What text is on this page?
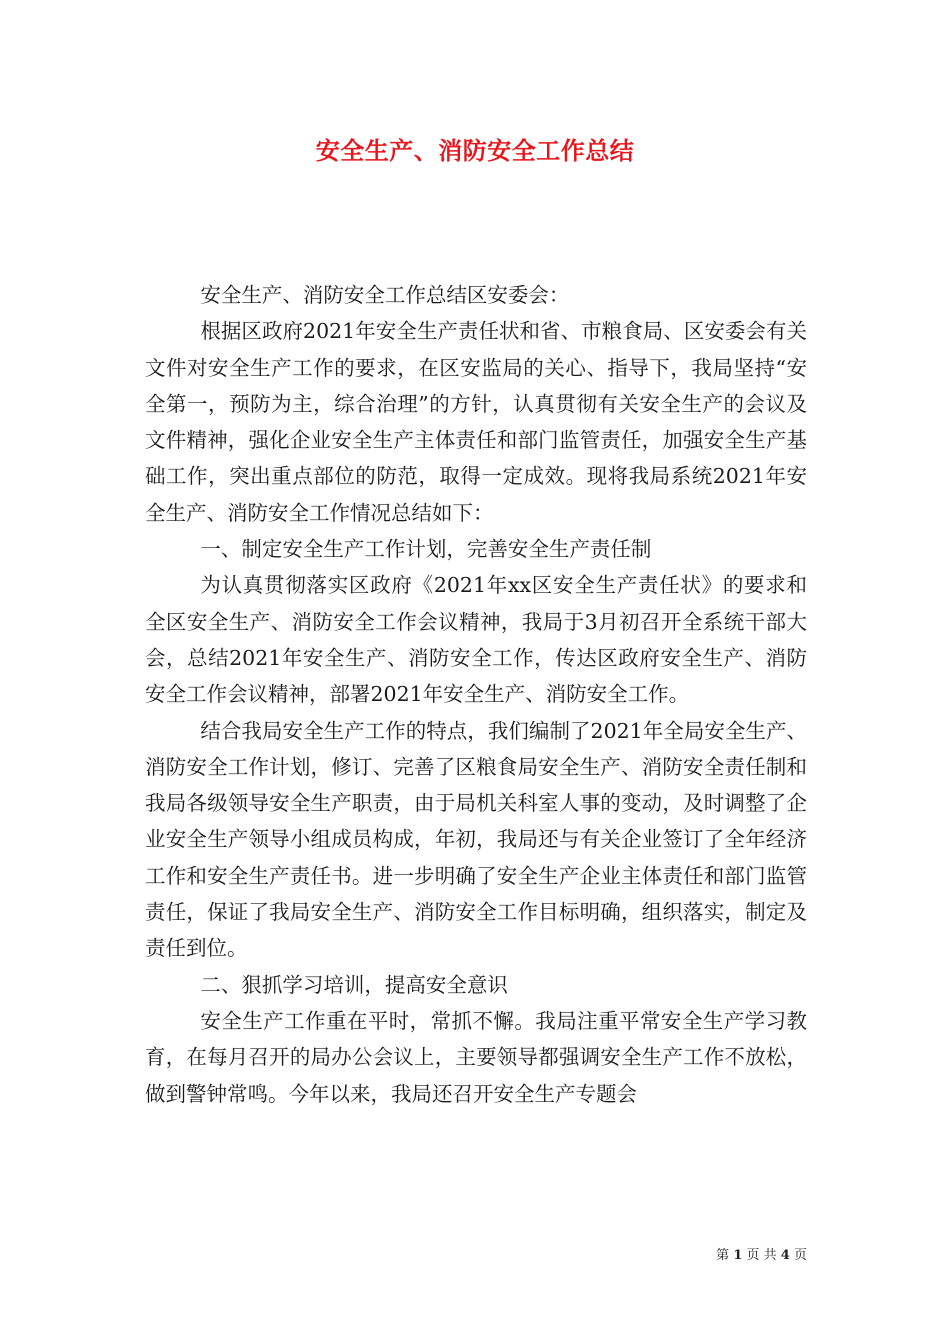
安全生产、消防安全工作总结

安全生产、消防安全工作总结区安委会：

根据区政府2021年安全生产责任状和省、市粮食局、区安委会有关文件对安全生产工作的要求，在区安监局的关心、指导下，我局坚持“安全第一，预防为主，综合治理”的方针，认真贯彻有关安全生产的会议及文件精神，强化企业安全生产主体责任和部门监管责任，加强安全生产基础工作，突出重点部位的防范，取得一定成效。现将我局系统2021年安全生产、消防安全工作情况总结如下：

一、制定安全生产工作计划，完善安全生产责任制

为认真贯彻落实区政府《2021年xx区安全生产责任状》的要求和全区安全生产、消防安全工作会议精神，我局于3月初召开全系统干部大会，总结2021年安全生产、消防安全工作，传达区政府安全生产、消防安全工作会议精神，部署2021年安全生产、消防安全工作。

结合我局安全生产工作的特点，我们编制了2021年全局安全生产、消防安全工作计划，修订、完善了区粮食局安全生产、消防安全责任制和我局各级领导安全生产职责，由于局机关科室人事的变动，及时调整了企业安全生产领导小组成员构成，年初，我局还与有关企业签订了全年经济工作和安全生产责任书。进一步明确了安全生产企业主体责任和部门监管责任，保证了我局安全生产、消防安全工作目标明确，组织落实，制定及责任到位。

二、狠抓学习培训，提高安全意识

安全生产工作重在平时，常抓不懈。我局注重平常安全生产学习教育，在每月召开的局办公会议上，主要领导都强调安全生产工作不放松，做到警钟常鸣。今年以来，我局还召开安全生产专题会

第 1 页 共 4 页
